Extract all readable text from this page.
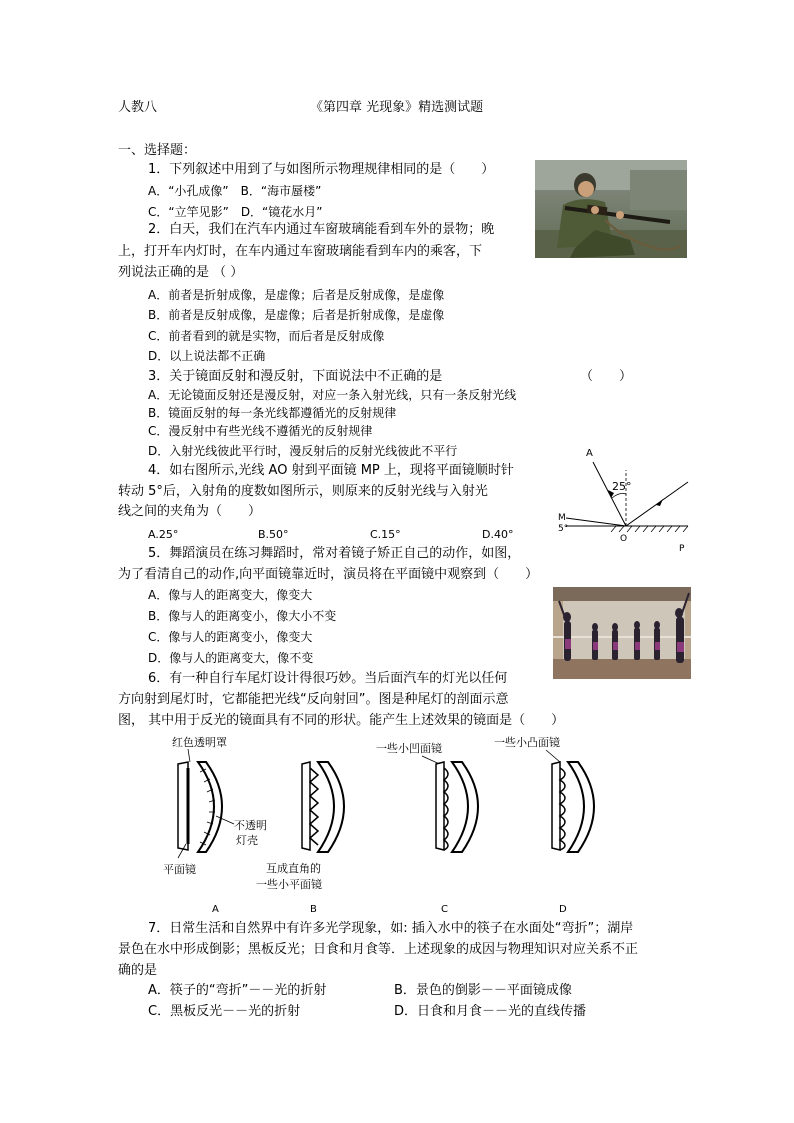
人教八	《第四章 光现象》精选测试题
一、选择题：
1．下列叙述中用到了与如图所示物理规律相同的是（　　）
A．“小孔成像”　B．“海市蜃楼”
C．“立竿见影”　D．“镜花水月”
2．白天，我们在汽车内通过车窗玻璃能看到车外的景物；晚
上，打开车内灯时，在车内通过车窗玻璃能看到车内的乘客，下
列说法正确的是 （ ）
A．前者是折射成像，是虚像；后者是反射成像，是虚像
B．前者是反射成像，是虚像；后者是折射成像，是虚像
C．前者看到的就是实物，而后者是反射成像
D．以上说法都不正确
3．关于镜面反射和漫反射，下面说法中不正确的是	（　　）
A．无论镜面反射还是漫反射，对应一条入射光线，只有一条反射光线
B．镜面反射的每一条光线都遵循光的反射规律
C．漫反射中有些光线不遵循光的反射规律
D．入射光线彼此平行时，漫反射后的反射光线彼此不平行
4．如右图所示,光线 AO 射到平面镜 MP 上，现将平面镜顺时针
转动 5°后，入射角的度数如图所示，则原来的反射光线与入射光
线之间的夹角为（　　）
A.25°	B.50°	C.15°	D.40°
A
25°
M
5°
O
P
5．舞蹈演员在练习舞蹈时，常对着镜子矫正自己的动作，如图，
为了看清自己的动作,向平面镜靠近时，演员将在平面镜中观察到（　　）
A．像与人的距离变大，像变大
B．像与人的距离变小，像大小不变
C．像与人的距离变小，像变大
D．像与人的距离变大，像不变
6．有一种自行车尾灯设计得很巧妙。当后面汽车的灯光以任何
方向射到尾灯时，它都能把光线“反向射回”。图是种尾灯的剖面示意
图， 其中用于反光的镜面具有不同的形状。能产生上述效果的镜面是（　　）
红色透明罩
不透明
灯壳
平面镜
A
互成直角的
一些小平面镜
B
一些小凹面镜
C
一些小凸面镜
D
7．日常生活和自然界中有许多光学现象，如: 插入水中的筷子在水面处“弯折”；湖岸
景色在水中形成倒影；黑板反光；日食和月食等．上述现象的成因与物理知识对应关系不正
确的是
A．筷子的“弯折”－－光的折射	B．景色的倒影－－平面镜成像
C．黑板反光－－光的折射	D．日食和月食－－光的直线传播
